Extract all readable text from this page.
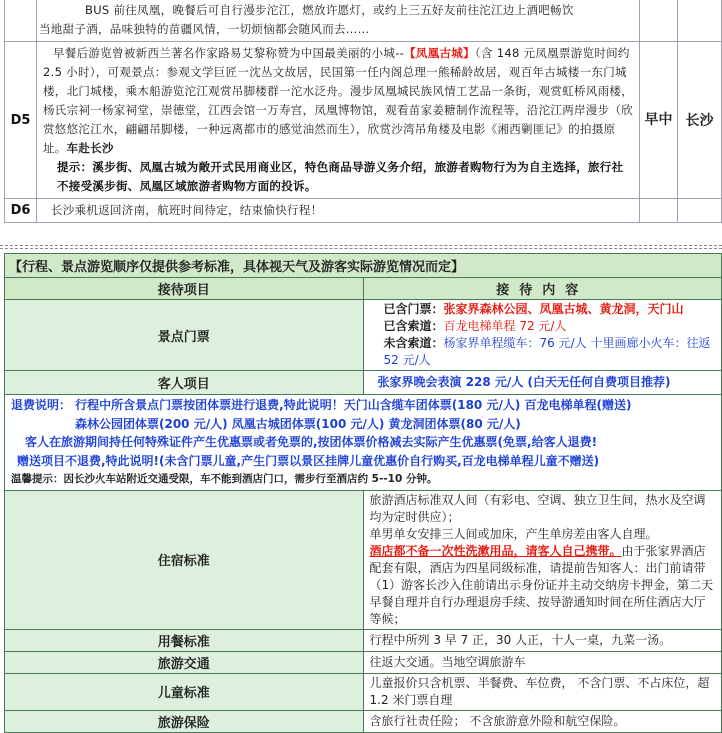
	BUS 前往凤凰，晚餐后可自行漫步沱江，燃放许愿灯，或约上三五好友前往沱江边上酒吧畅饮
当地甜子酒，品味独特的苗疆风情，一切烦恼都会随风而去……		

D5	早餐后游览曾被新西兰著名作家路易艾黎称赞为中国最美丽的小城--【凤凰古城】（含 148 元凤凰票游览时间约 2.5 小时），可观景点：参观文学巨匠一沈丛文故居，民国第一任内阁总理一熊稀龄故居，观百年古城楼一东门城楼，北门城楼，乘木船游览沱江观赏吊脚楼群一沱水泛舟。漫步凤凰城民族风情工艺品一条街，观赏虹桥风雨楼，杨氏宗祠一杨家祠堂，崇德堂，江西会馆一万寿宫，凤凰博物馆，观看苗家姜糖制作流程等，沿沱江两岸漫步（欣赏悠悠沱江水，翩翩吊脚楼，一种远离都市的感觉油然而生），欣赏沙湾吊角楼及电影《湘西剿匪记》的拍摄原址。车赴长沙
提示：溪步街、凤凰古城为敞开式民用商业区，特色商品导游义务介绍，旅游者购物行为为自主选择，旅行社不接受溪步街、凤凰区域旅游者购物方面的投诉。	早中	长沙
D6	长沙乘机返回济南，航班时间待定，结束愉快行程！		
【行程、景点游览顺序仅提供参考标准，具体视天气及游客实际游览情况而定】	
接待项目	接待内容
景点门票	已含门票：张家界森林公园、凤凰古城、黄龙洞，天门山
已含索道：百龙电梯单程 72 元/人
未含索道：杨家界单程缆车：76 元/人 十里画廊小火车：往返 52 元/人

客人项目	张家界晚会表演 228 元/人 (白天无任何自费项目推荐)

退费说明： 行程中所含景点门票按团体票进行退费,特此说明！天门山含缆车团体票(180 元/人) 百龙电梯单程(赠送)
森林公园团体票(200 元/人) 凤凰古城团体票(100 元/人) 黄龙洞团体票(80 元/人)
客人在旅游期间持任何特殊证件产生优惠票或者免票的,按团体票价格减去实际产生优惠票(免票,给客人退费!
赠送项目不退费,特此说明!(未含门票儿童,产生门票以景区挂牌儿童优惠价自行购买,百龙电梯单程儿童不赠送)
温馨提示：因长沙火车站附近交通受限，车不能到酒店门口，需步行至酒店约 5--10 分钟。	

住宿标准	旅游酒店标准双人间（有彩电、空调、独立卫生间，热水及空调均为定时供应）；
单男单女安排三人间或加床，产生单房差由客人自理。
酒店都不备一次性洗漱用品，请客人自己携带。由于张家界酒店配套有限，酒店为四星同级标准，请提前告知客人：出门前请带（1）游客长沙入住前请出示身份证并主动交纳房卡押金，第二天早餐自理并自行办理退房手续、按导游通知时间在所住酒店大厅等候；

用餐标准	行程中所列 3 早 7 正，30 人正，十人一桌，九菜一汤。
旅游交通	往返大交通。当地空调旅游车
儿童标准	儿童报价只含机票、半餐费、车位费， 不含门票、不占床位，超 1.2 米门票自理
旅游保险	含旅行社责任险； 不含旅游意外险和航空保险。
